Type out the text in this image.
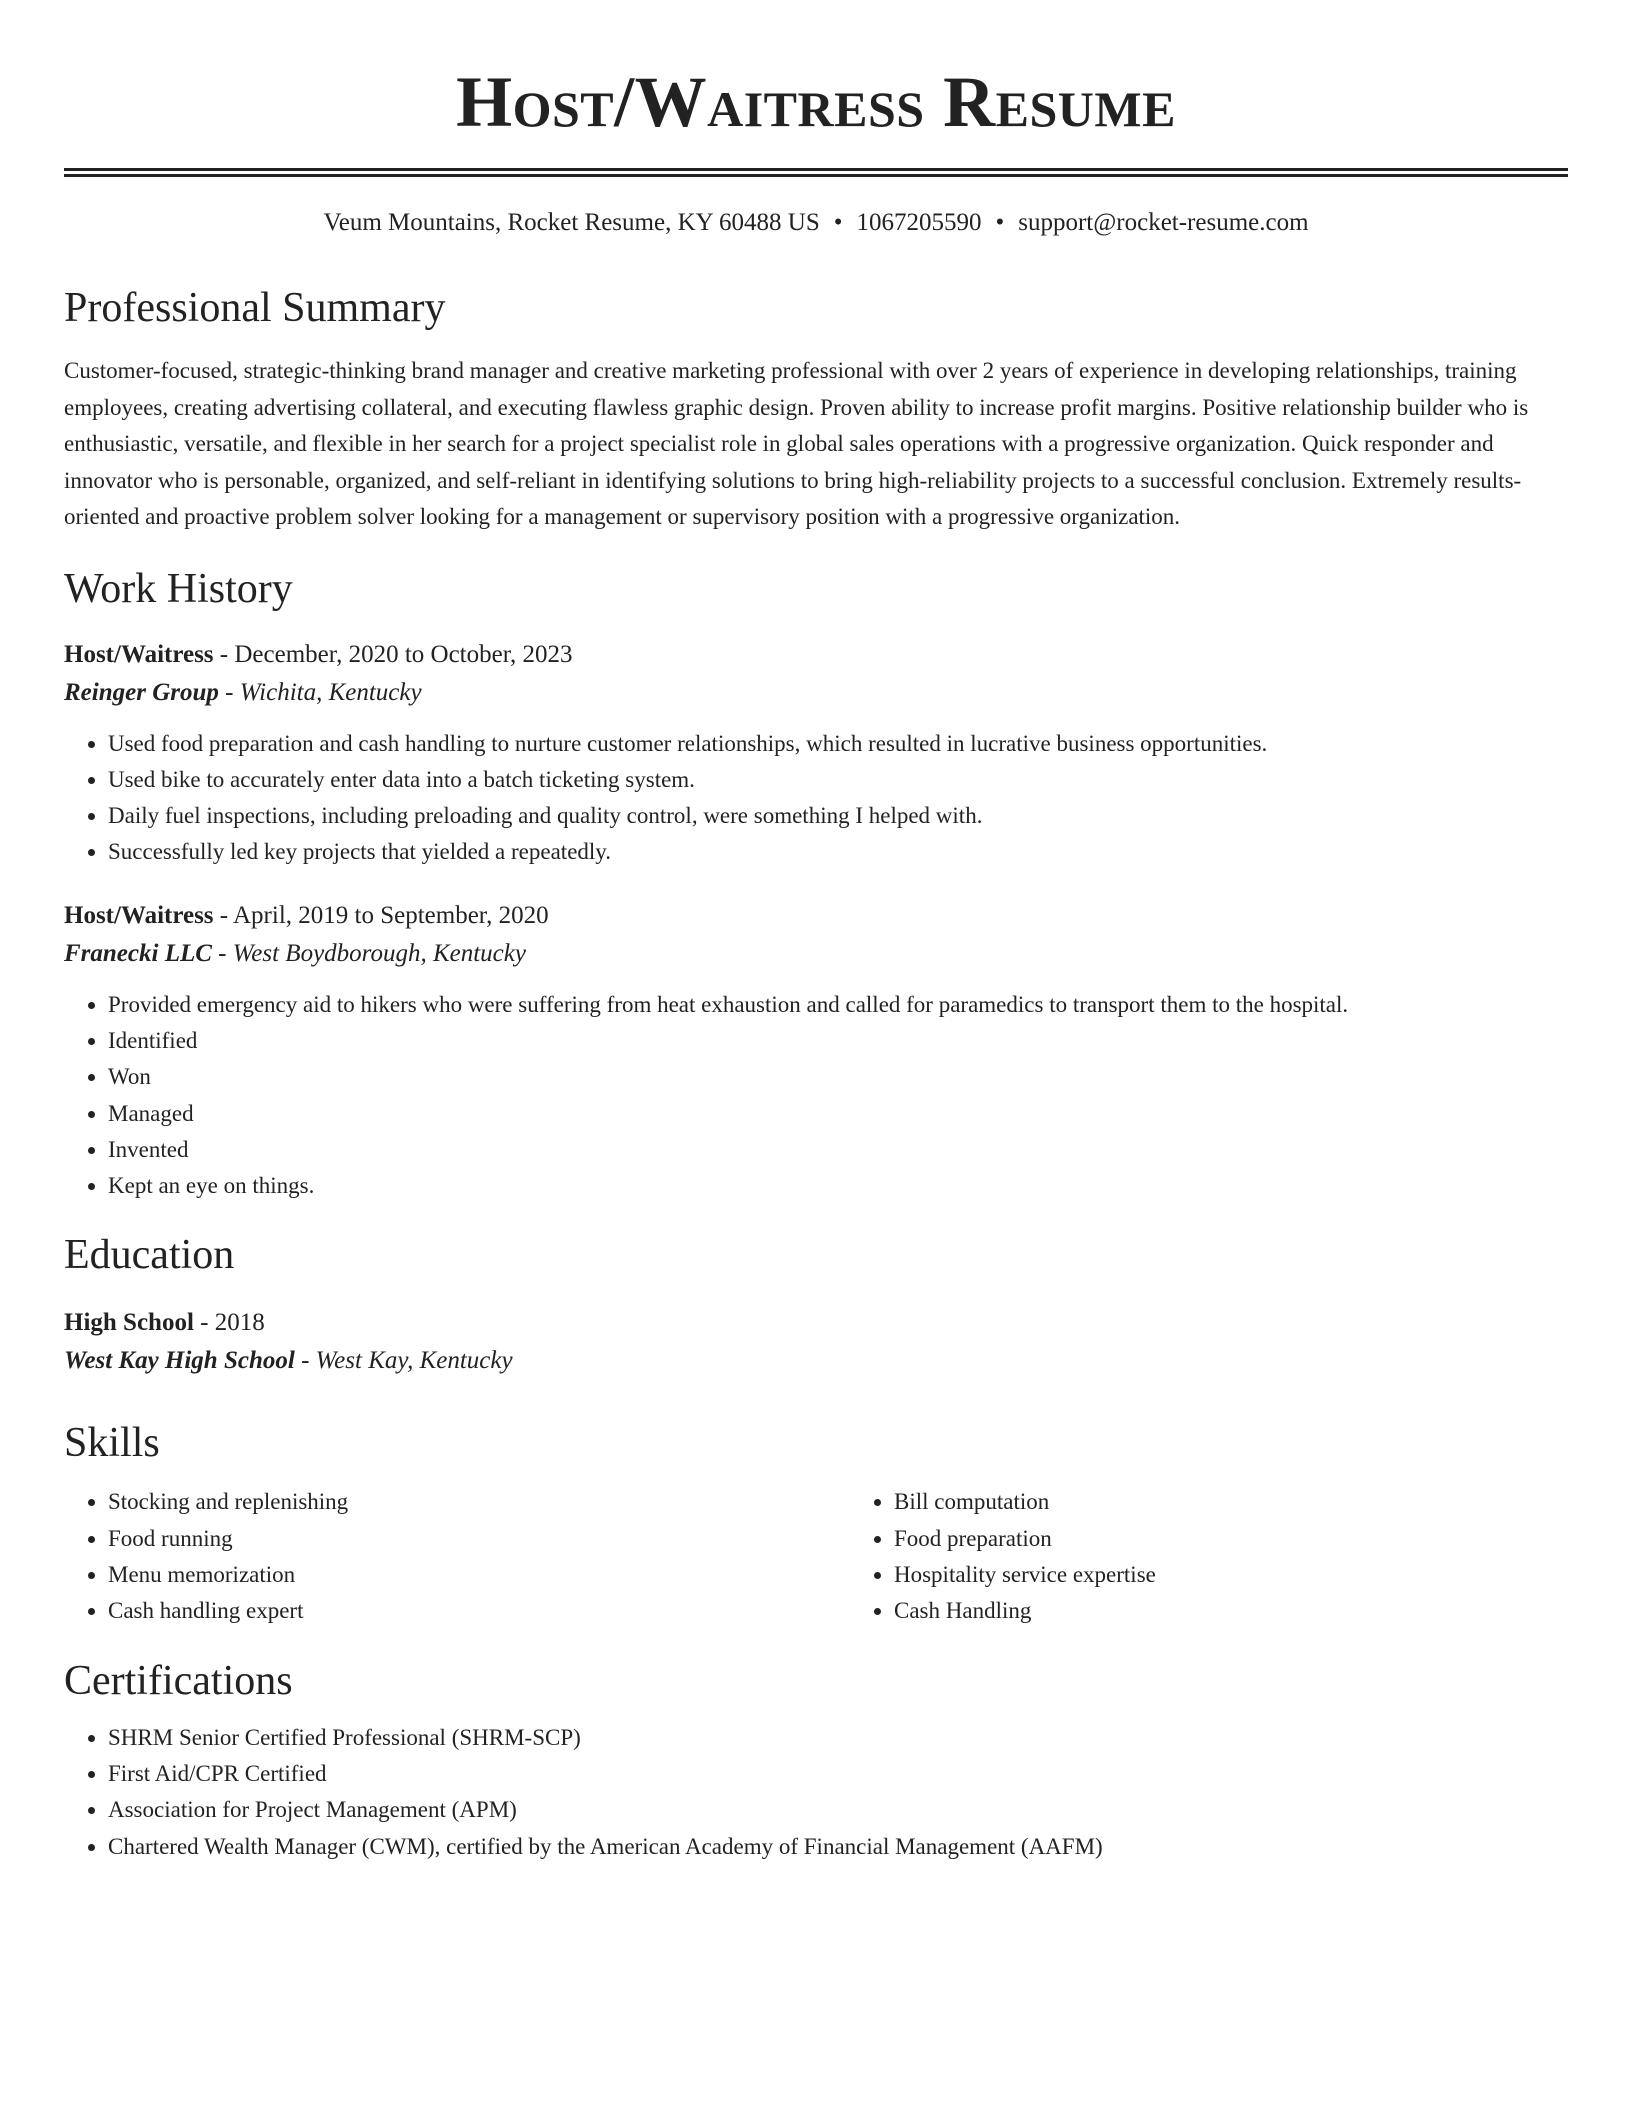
Host/Waitress Resume
Veum Mountains, Rocket Resume, KY 60488 US • 1067205590 • support@rocket-resume.com
Professional Summary

Customer-focused, strategic-thinking brand manager and creative marketing professional with over 2 years of experience in developing relationships, training employees, creating advertising collateral, and executing flawless graphic design. Proven ability to increase profit margins. Positive relationship builder who is enthusiastic, versatile, and flexible in her search for a project specialist role in global sales operations with a progressive organization. Quick responder and innovator who is personable, organized, and self-reliant in identifying solutions to bring high-reliability projects to a successful conclusion. Extremely results-oriented and proactive problem solver looking for a management or supervisory position with a progressive organization.

Work History
Host/Waitress - December, 2020 to October, 2023
Reinger Group - Wichita, Kentucky
• Used food preparation and cash handling to nurture customer relationships, which resulted in lucrative business opportunities.
• Used bike to accurately enter data into a batch ticketing system.
• Daily fuel inspections, including preloading and quality control, were something I helped with.
• Successfully led key projects that yielded a repeatedly.
Host/Waitress - April, 2019 to September, 2020
Franecki LLC - West Boydborough, Kentucky
• Provided emergency aid to hikers who were suffering from heat exhaustion and called for paramedics to transport them to the hospital.
• Identified
• Won
• Managed
• Invented
• Kept an eye on things.
Education
High School - 2018
West Kay High School - West Kay, Kentucky
Skills
• Stocking and replenishing
• Food running
• Menu memorization
• Cash handling expert
• Bill computation
• Food preparation
• Hospitality service expertise
• Cash Handling
Certifications
• SHRM Senior Certified Professional (SHRM-SCP)
• First Aid/CPR Certified
• Association for Project Management (APM)
• Chartered Wealth Manager (CWM), certified by the American Academy of Financial Management (AAFM)
